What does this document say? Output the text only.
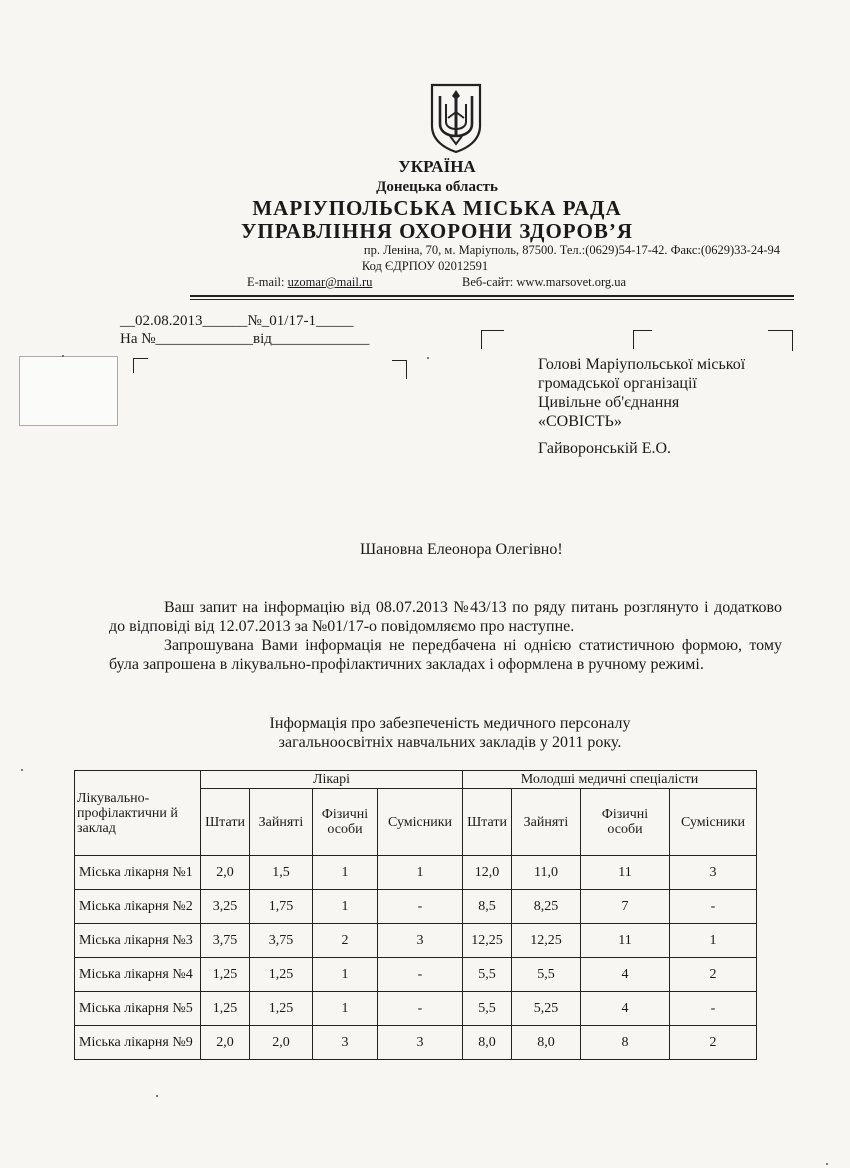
УКРАЇНА
Донецька область
МАРІУПОЛЬСЬКА МІСЬКА РАДА
УПРАВЛІННЯ ОХОРОНИ ЗДОРОВ’Я
пр. Леніна, 70, м. Маріуполь, 87500. Тел.:(0629)54-17-42. Факс:(0629)33-24-94
Код ЄДРПОУ 02012591
E-mail: uzomar@mail.ru	Веб-сайт: www.marsovet.org.ua
__02.08.2013______№_01/17-1_____
На №_____________від_____________
Голові Маріупольської міської
громадської організації
Цивільне об'єднання
«СОВІСТЬ»
Гайворонській Е.О.
Шановна Елеонора Олегівно!
Ваш запит на інформацію від 08.07.2013 №43/13 по ряду питань розглянуто і додатково до відповіді від 12.07.2013 за №01/17-о повідомляємо про наступне.
Запрошувана Вами інформація не передбачена ні однією статистичною формою, тому була запрошена в лікувально-профілактичних закладах і оформлена в ручному режимі.
Інформація про забезпеченість медичного персоналу
загальноосвітніх навчальних закладів у 2011 року.
Лікувально-профілактични й заклад	Лікарі				Молодші медичні спеціалісти			
	Штати	Зайняті	Фізичні особи	Сумісники	Штати	Зайняті	Фізичні особи	Сумісники
Міська лікарня №1	2,0	1,5	1	1	12,0	11,0	11	3
Міська лікарня №2	3,25	1,75	1	-	8,5	8,25	7	-
Міська лікарня №3	3,75	3,75	2	3	12,25	12,25	11	1
Міська лікарня №4	1,25	1,25	1	-	5,5	5,5	4	2
Міська лікарня №5	1,25	1,25	1	-	5,5	5,25	4	-
Міська лікарня №9	2,0	2,0	3	3	8,0	8,0	8	2
